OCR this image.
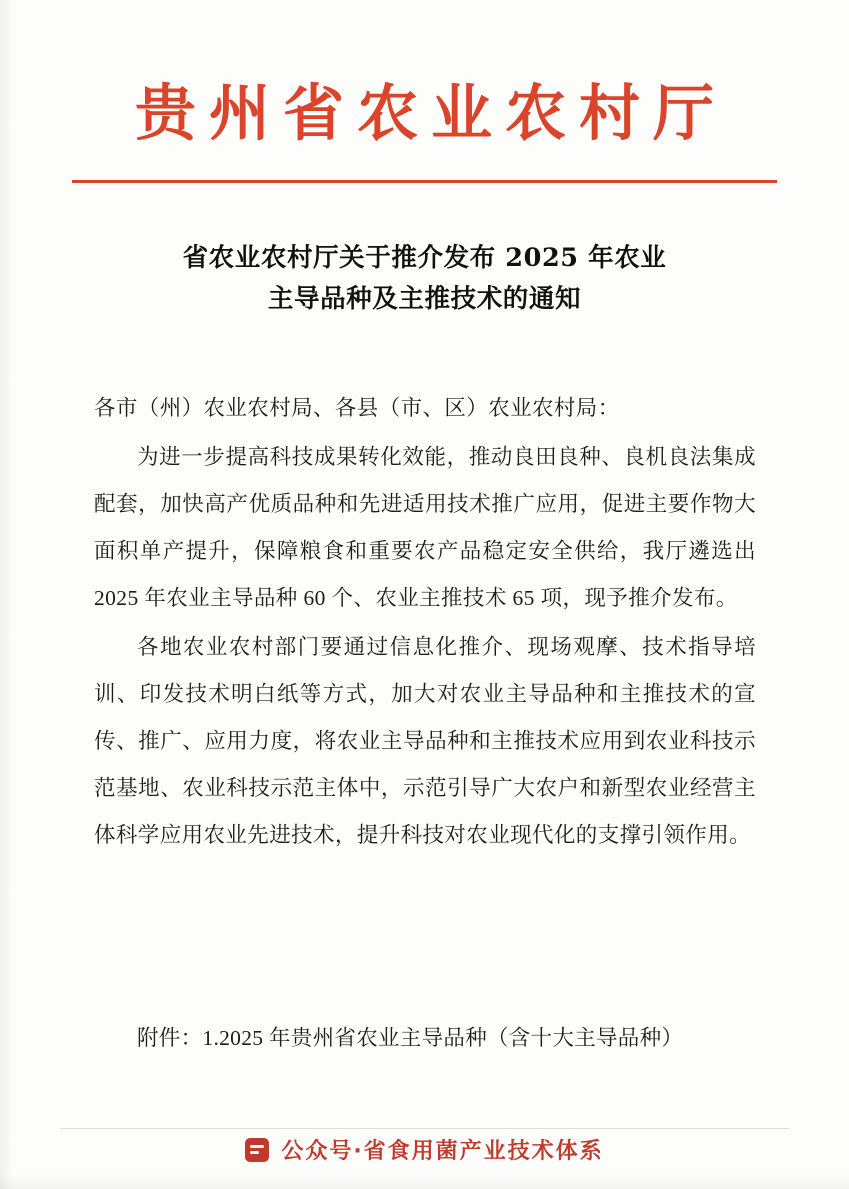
贵州省农业农村厅
省农业农村厅关于推介发布 2025 年农业
主导品种及主推技术的通知

各市（州）农业农村局、各县（市、区）农业农村局：

为进一步提高科技成果转化效能，推动良田良种、良机良法集成配套，加快高产优质品种和先进适用技术推广应用，促进主要作物大面积单产提升，保障粮食和重要农产品稳定安全供给，我厅遴选出 2025 年农业主导品种 60 个、农业主推技术 65 项，现予推介发布。

各地农业农村部门要通过信息化推介、现场观摩、技术指导培训、印发技术明白纸等方式，加大对农业主导品种和主推技术的宣传、推广、应用力度，将农业主导品种和主推技术应用到农业科技示范基地、农业科技示范主体中，示范引导广大农户和新型农业经营主体科学应用农业先进技术，提升科技对农业现代化的支撑引领作用。

附件：1.2025 年贵州省农业主导品种（含十大主导品种）
公众号·省食用菌产业技术体系
